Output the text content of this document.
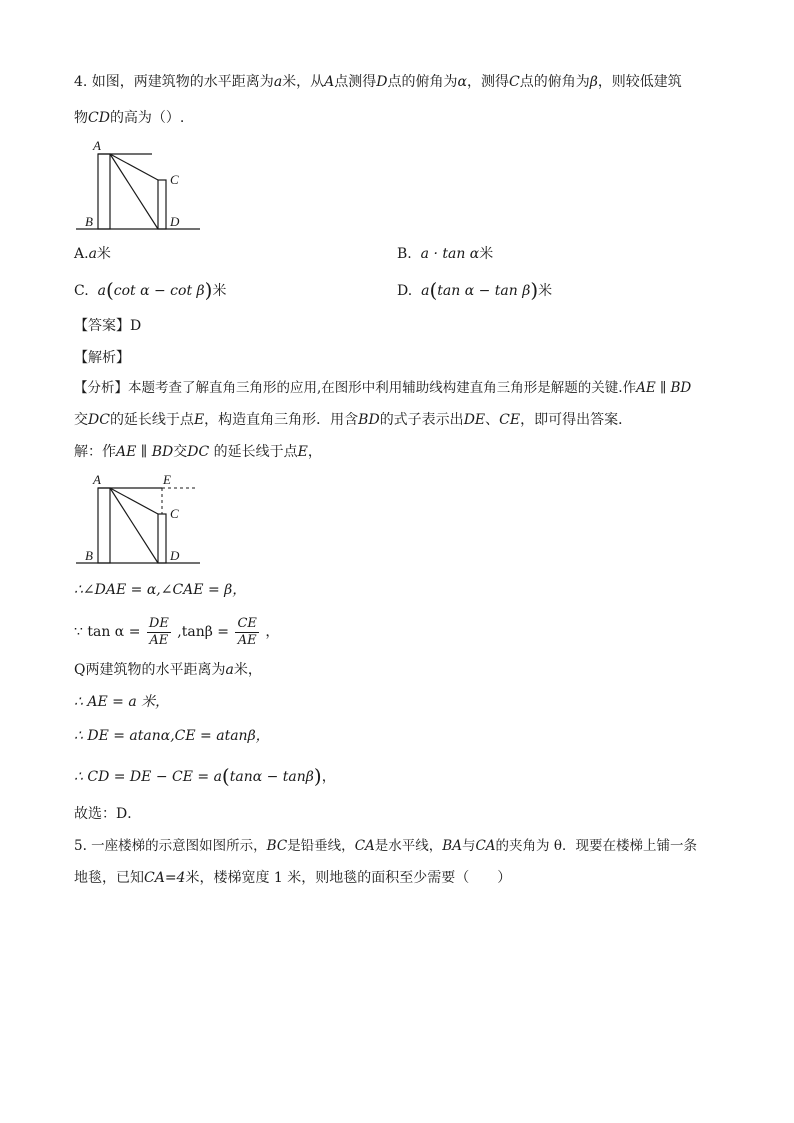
4. 如图，两建筑物的水平距离为a米，从A点测得D点的俯角为α，测得C点的俯角为β，则较低建筑
物CD的高为（）.
A
B
C
D
A.a米	B. a · tan α米
C. a(cot α − cot β)米	D. a(tan α − tan β)米
【答案】D
【解析】
【分析】本题考查了解直角三角形的应用,在图形中利用辅助线构建直角三角形是解题的关键.作AE ∥ BD
交DC的延长线于点E，构造直角三角形．用含BD的式子表示出DE、CE，即可得出答案．
解：作AE ∥ BD交DC 的延长线于点E，
A	E
B
C
D
∴∠DAE = α,∠CAE = β，
∵ $\tan \alpha = \frac{DE}{AE} ,\tan\beta = \frac{CE}{AE}$ ，
Q两建筑物的水平距离为a米，
∴ AE = a 米，
∴ DE = atanα,CE = atanβ，
∴ CD = DE − CE = a(tanα − tanβ)，
故选：D．
5. 一座楼梯的示意图如图所示，BC是铅垂线，CA是水平线，BA与CA的夹角为 θ．现要在楼梯上铺一条
地毯，已知CA=4米，楼梯宽度 1 米，则地毯的面积至少需要（　　）
